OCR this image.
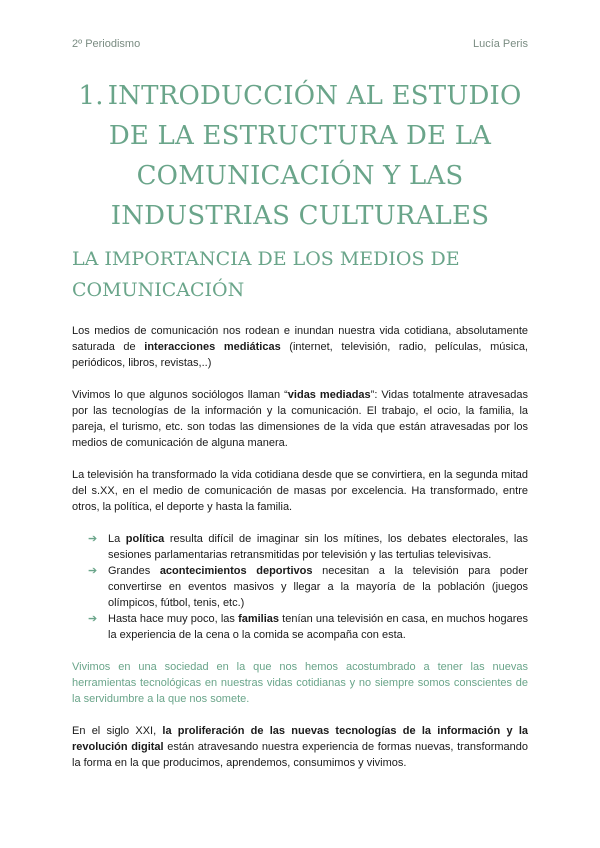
2º Periodismo	Lucía Peris
1. INTRODUCCIÓN AL ESTUDIO DE LA ESTRUCTURA DE LA COMUNICACIÓN Y LAS INDUSTRIAS CULTURALES
LA IMPORTANCIA DE LOS MEDIOS DE COMUNICACIÓN

Los medios de comunicación nos rodean e inundan nuestra vida cotidiana, absolutamente saturada de interacciones mediáticas (internet, televisión, radio, películas, música, periódicos, libros, revistas,..)

Vivimos lo que algunos sociólogos llaman “vidas mediadas”: Vidas totalmente atravesadas por las tecnologías de la información y la comunicación. El trabajo, el ocio, la familia, la pareja, el turismo, etc. son todas las dimensiones de la vida que están atravesadas por los medios de comunicación de alguna manera.

La televisión ha transformado la vida cotidiana desde que se convirtiera, en la segunda mitad del s.XX, en el medio de comunicación de masas por excelencia. Ha transformado, entre otros, la política, el deporte y hasta la familia.

➔ La política resulta difícil de imaginar sin los mítines, los debates electorales, las sesiones parlamentarias retransmitidas por televisión y las tertulias televisivas.
➔ Grandes acontecimientos deportivos necesitan a la televisión para poder convertirse en eventos masivos y llegar a la mayoría de la población (juegos olímpicos, fútbol, tenis, etc.)
➔ Hasta hace muy poco, las familias tenían una televisión en casa, en muchos hogares la experiencia de la cena o la comida se acompaña con esta.

Vivimos en una sociedad en la que nos hemos acostumbrado a tener las nuevas herramientas tecnológicas en nuestras vidas cotidianas y no siempre somos conscientes de la servidumbre a la que nos somete.

En el siglo XXI, la proliferación de las nuevas tecnologías de la información y la revolución digital están atravesando nuestra experiencia de formas nuevas, transformando la forma en la que producimos, aprendemos, consumimos y vivimos.
